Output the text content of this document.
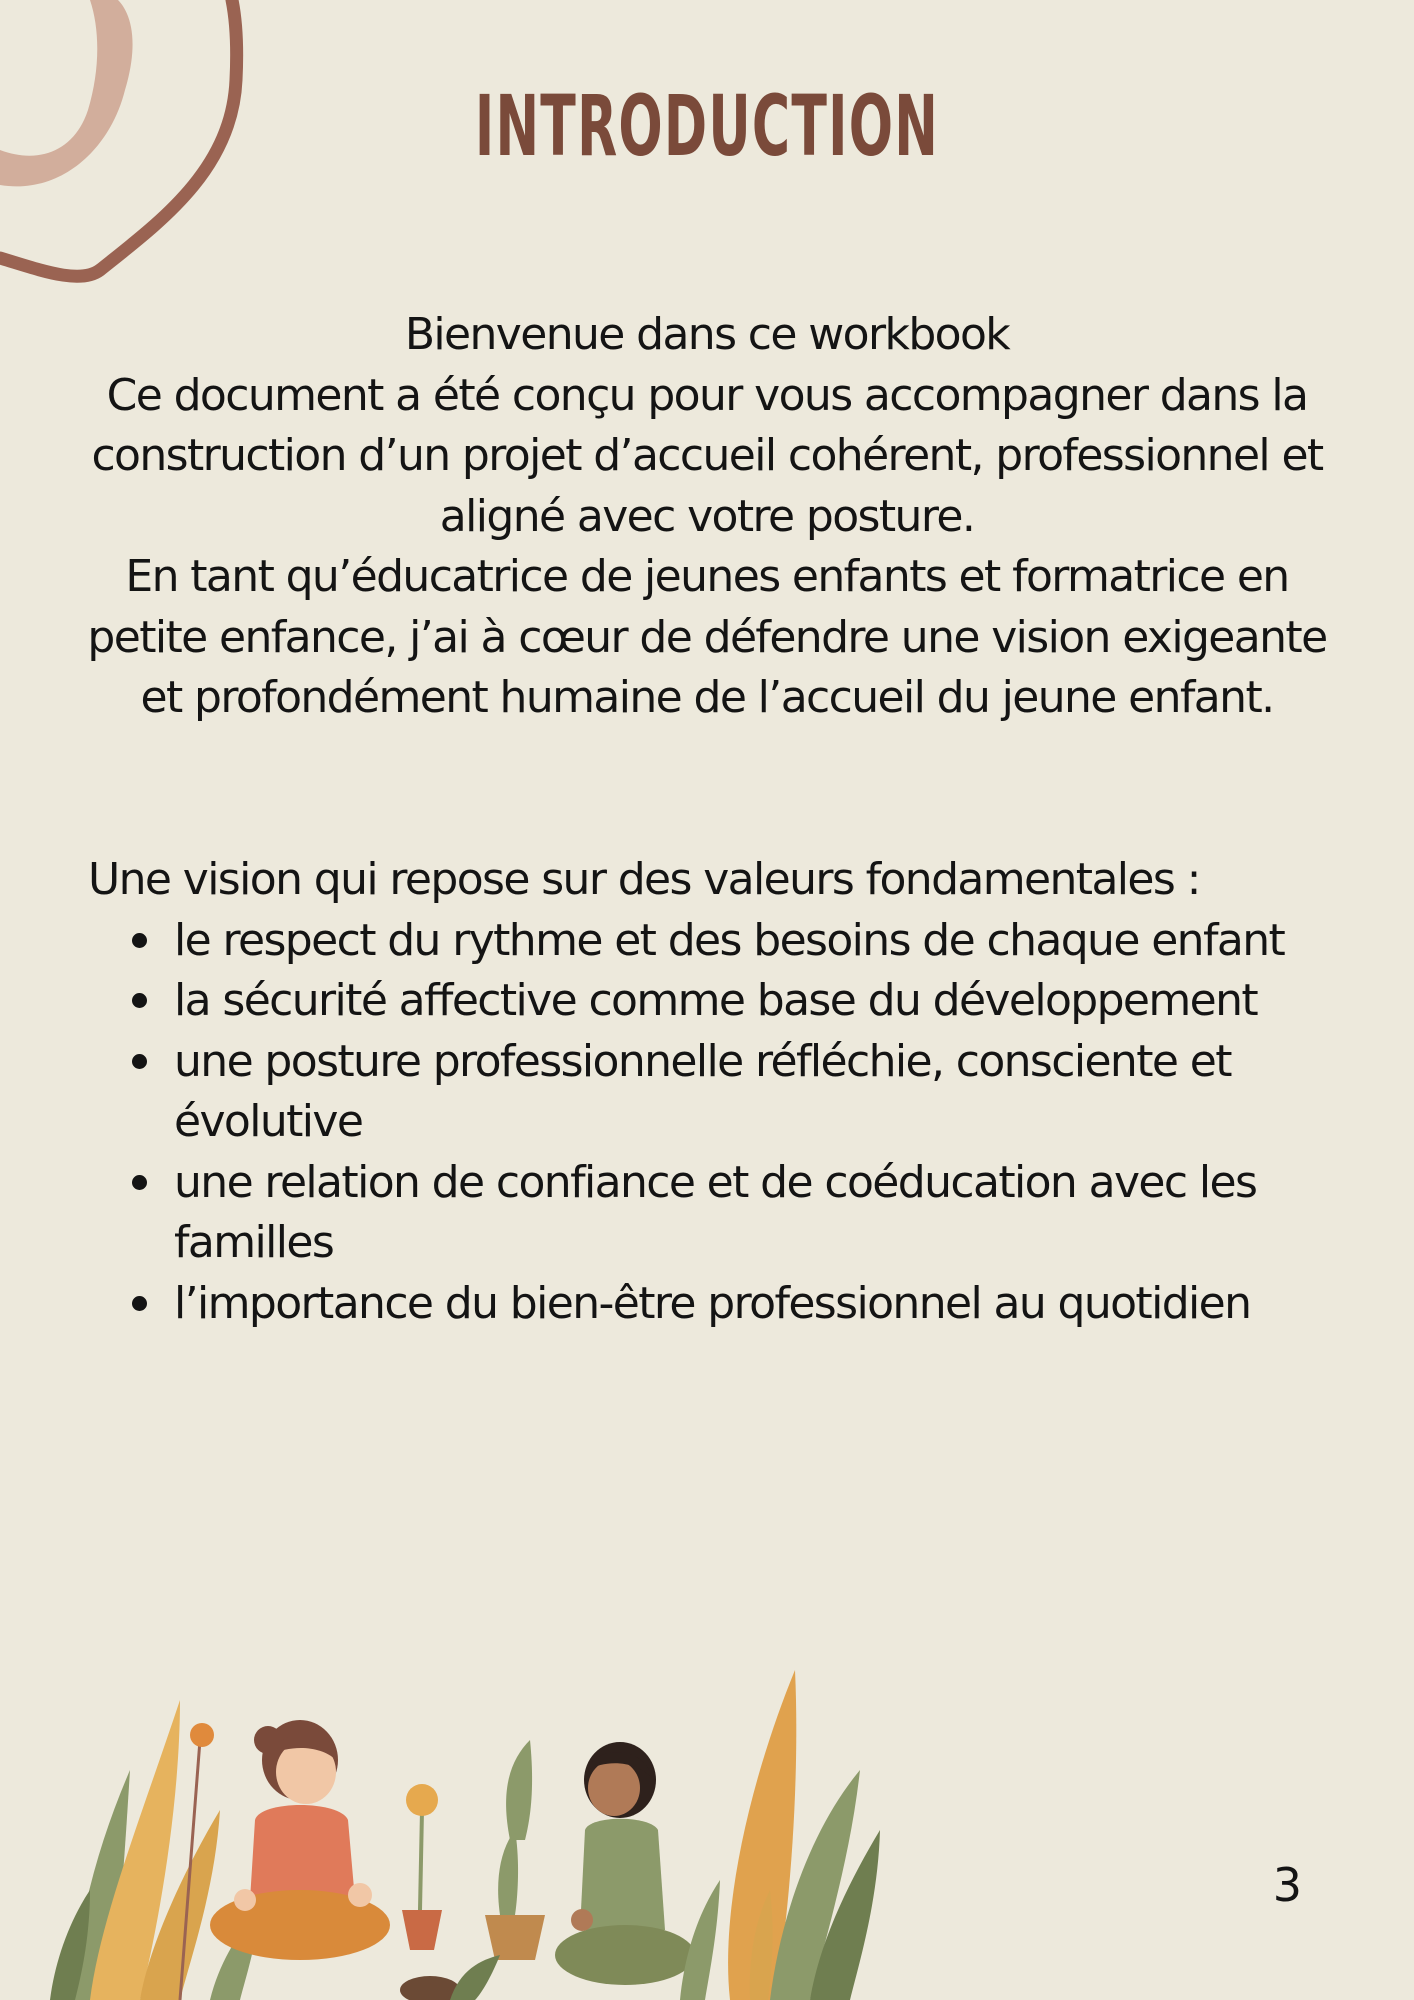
INTRODUCTION

Bienvenue dans ce workbook

Ce document a été conçu pour vous accompagner dans la construction d’un projet d’accueil cohérent, professionnel et aligné avec votre posture.

En tant qu’éducatrice de jeunes enfants et formatrice en petite enfance, j’ai à cœur de défendre une vision exigeante et profondément humaine de l’accueil du jeune enfant.

Une vision qui repose sur des valeurs fondamentales :

le respect du rythme et des besoins de chaque enfant
la sécurité affective comme base du développement
une posture professionnelle réfléchie, consciente et évolutive
une relation de confiance et de coéducation avec les familles
l’importance du bien-être professionnel au quotidien
3
